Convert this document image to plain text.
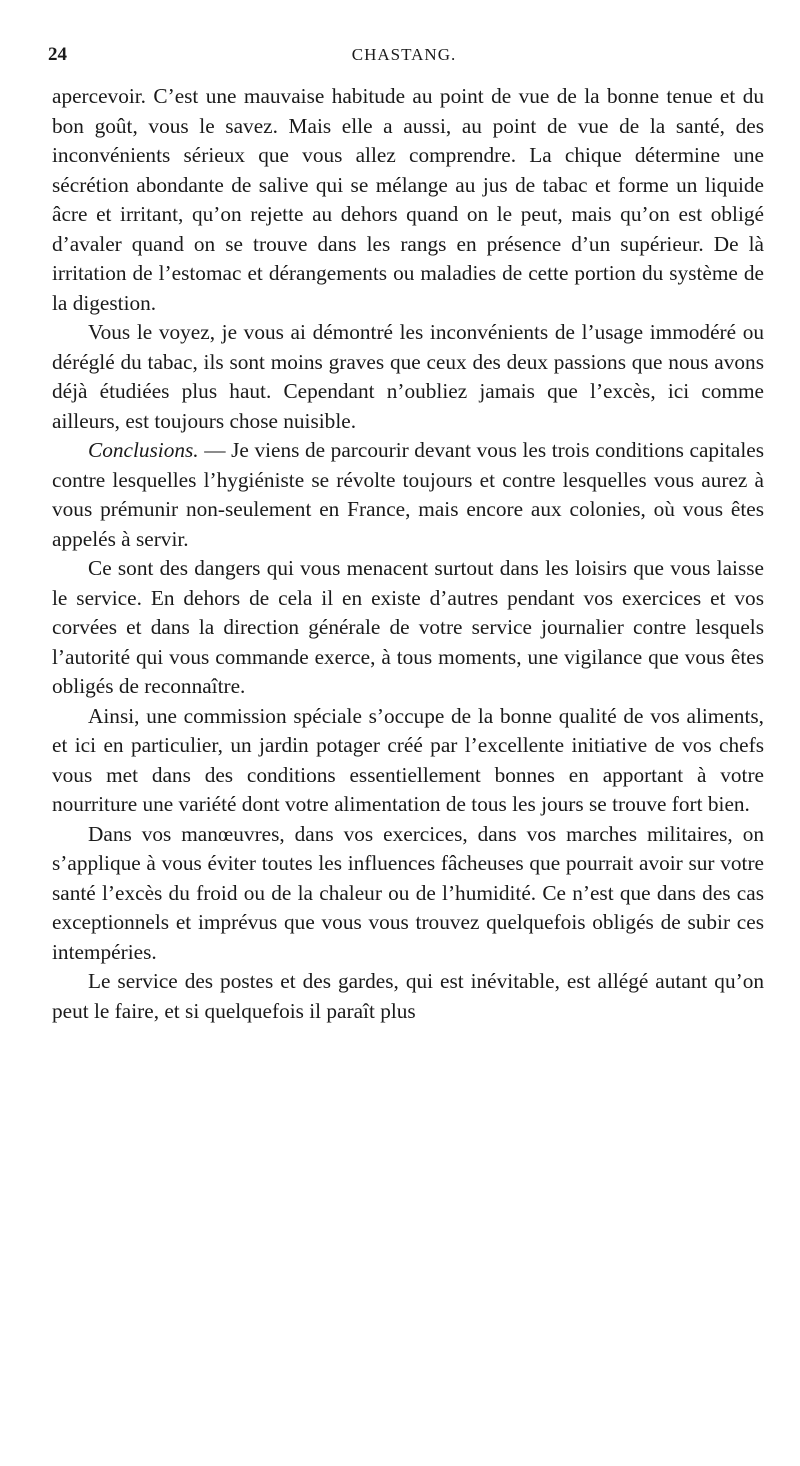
24	CHASTANG.

apercevoir. C’est une mauvaise habitude au point de vue de la bonne tenue et du bon goût, vous le savez. Mais elle a aussi, au point de vue de la santé, des inconvénients sérieux que vous allez comprendre. La chique détermine une sécrétion abondante de salive qui se mélange au jus de tabac et forme un liquide âcre et irritant, qu’on rejette au dehors quand on le peut, mais qu’on est obligé d’avaler quand on se trouve dans les rangs en présence d’un supérieur. De là irritation de l’estomac et dérangements ou maladies de cette portion du système de la digestion.

Vous le voyez, je vous ai démontré les inconvénients de l’usage immodéré ou déréglé du tabac, ils sont moins graves que ceux des deux passions que nous avons déjà étudiées plus haut. Cependant n’oubliez jamais que l’excès, ici comme ailleurs, est toujours chose nuisible.

Conclusions. — Je viens de parcourir devant vous les trois conditions capitales contre lesquelles l’hygiéniste se révolte toujours et contre lesquelles vous aurez à vous prémunir non-seulement en France, mais encore aux colonies, où vous êtes appelés à servir.

Ce sont des dangers qui vous menacent surtout dans les loisirs que vous laisse le service. En dehors de cela il en existe d’autres pendant vos exercices et vos corvées et dans la direction générale de votre service journalier contre lesquels l’autorité qui vous commande exerce, à tous moments, une vigilance que vous êtes obligés de reconnaître.

Ainsi, une commission spéciale s’occupe de la bonne qualité de vos aliments, et ici en particulier, un jardin potager créé par l’excellente initiative de vos chefs vous met dans des conditions essentiellement bonnes en apportant à votre nourriture une variété dont votre alimentation de tous les jours se trouve fort bien.

Dans vos manœuvres, dans vos exercices, dans vos marches militaires, on s’applique à vous éviter toutes les influences fâcheuses que pourrait avoir sur votre santé l’excès du froid ou de la chaleur ou de l’humidité. Ce n’est que dans des cas exceptionnels et imprévus que vous vous trouvez quelquefois obligés de subir ces intempéries.

Le service des postes et des gardes, qui est inévitable, est allégé autant qu’on peut le faire, et si quelquefois il paraît plus
